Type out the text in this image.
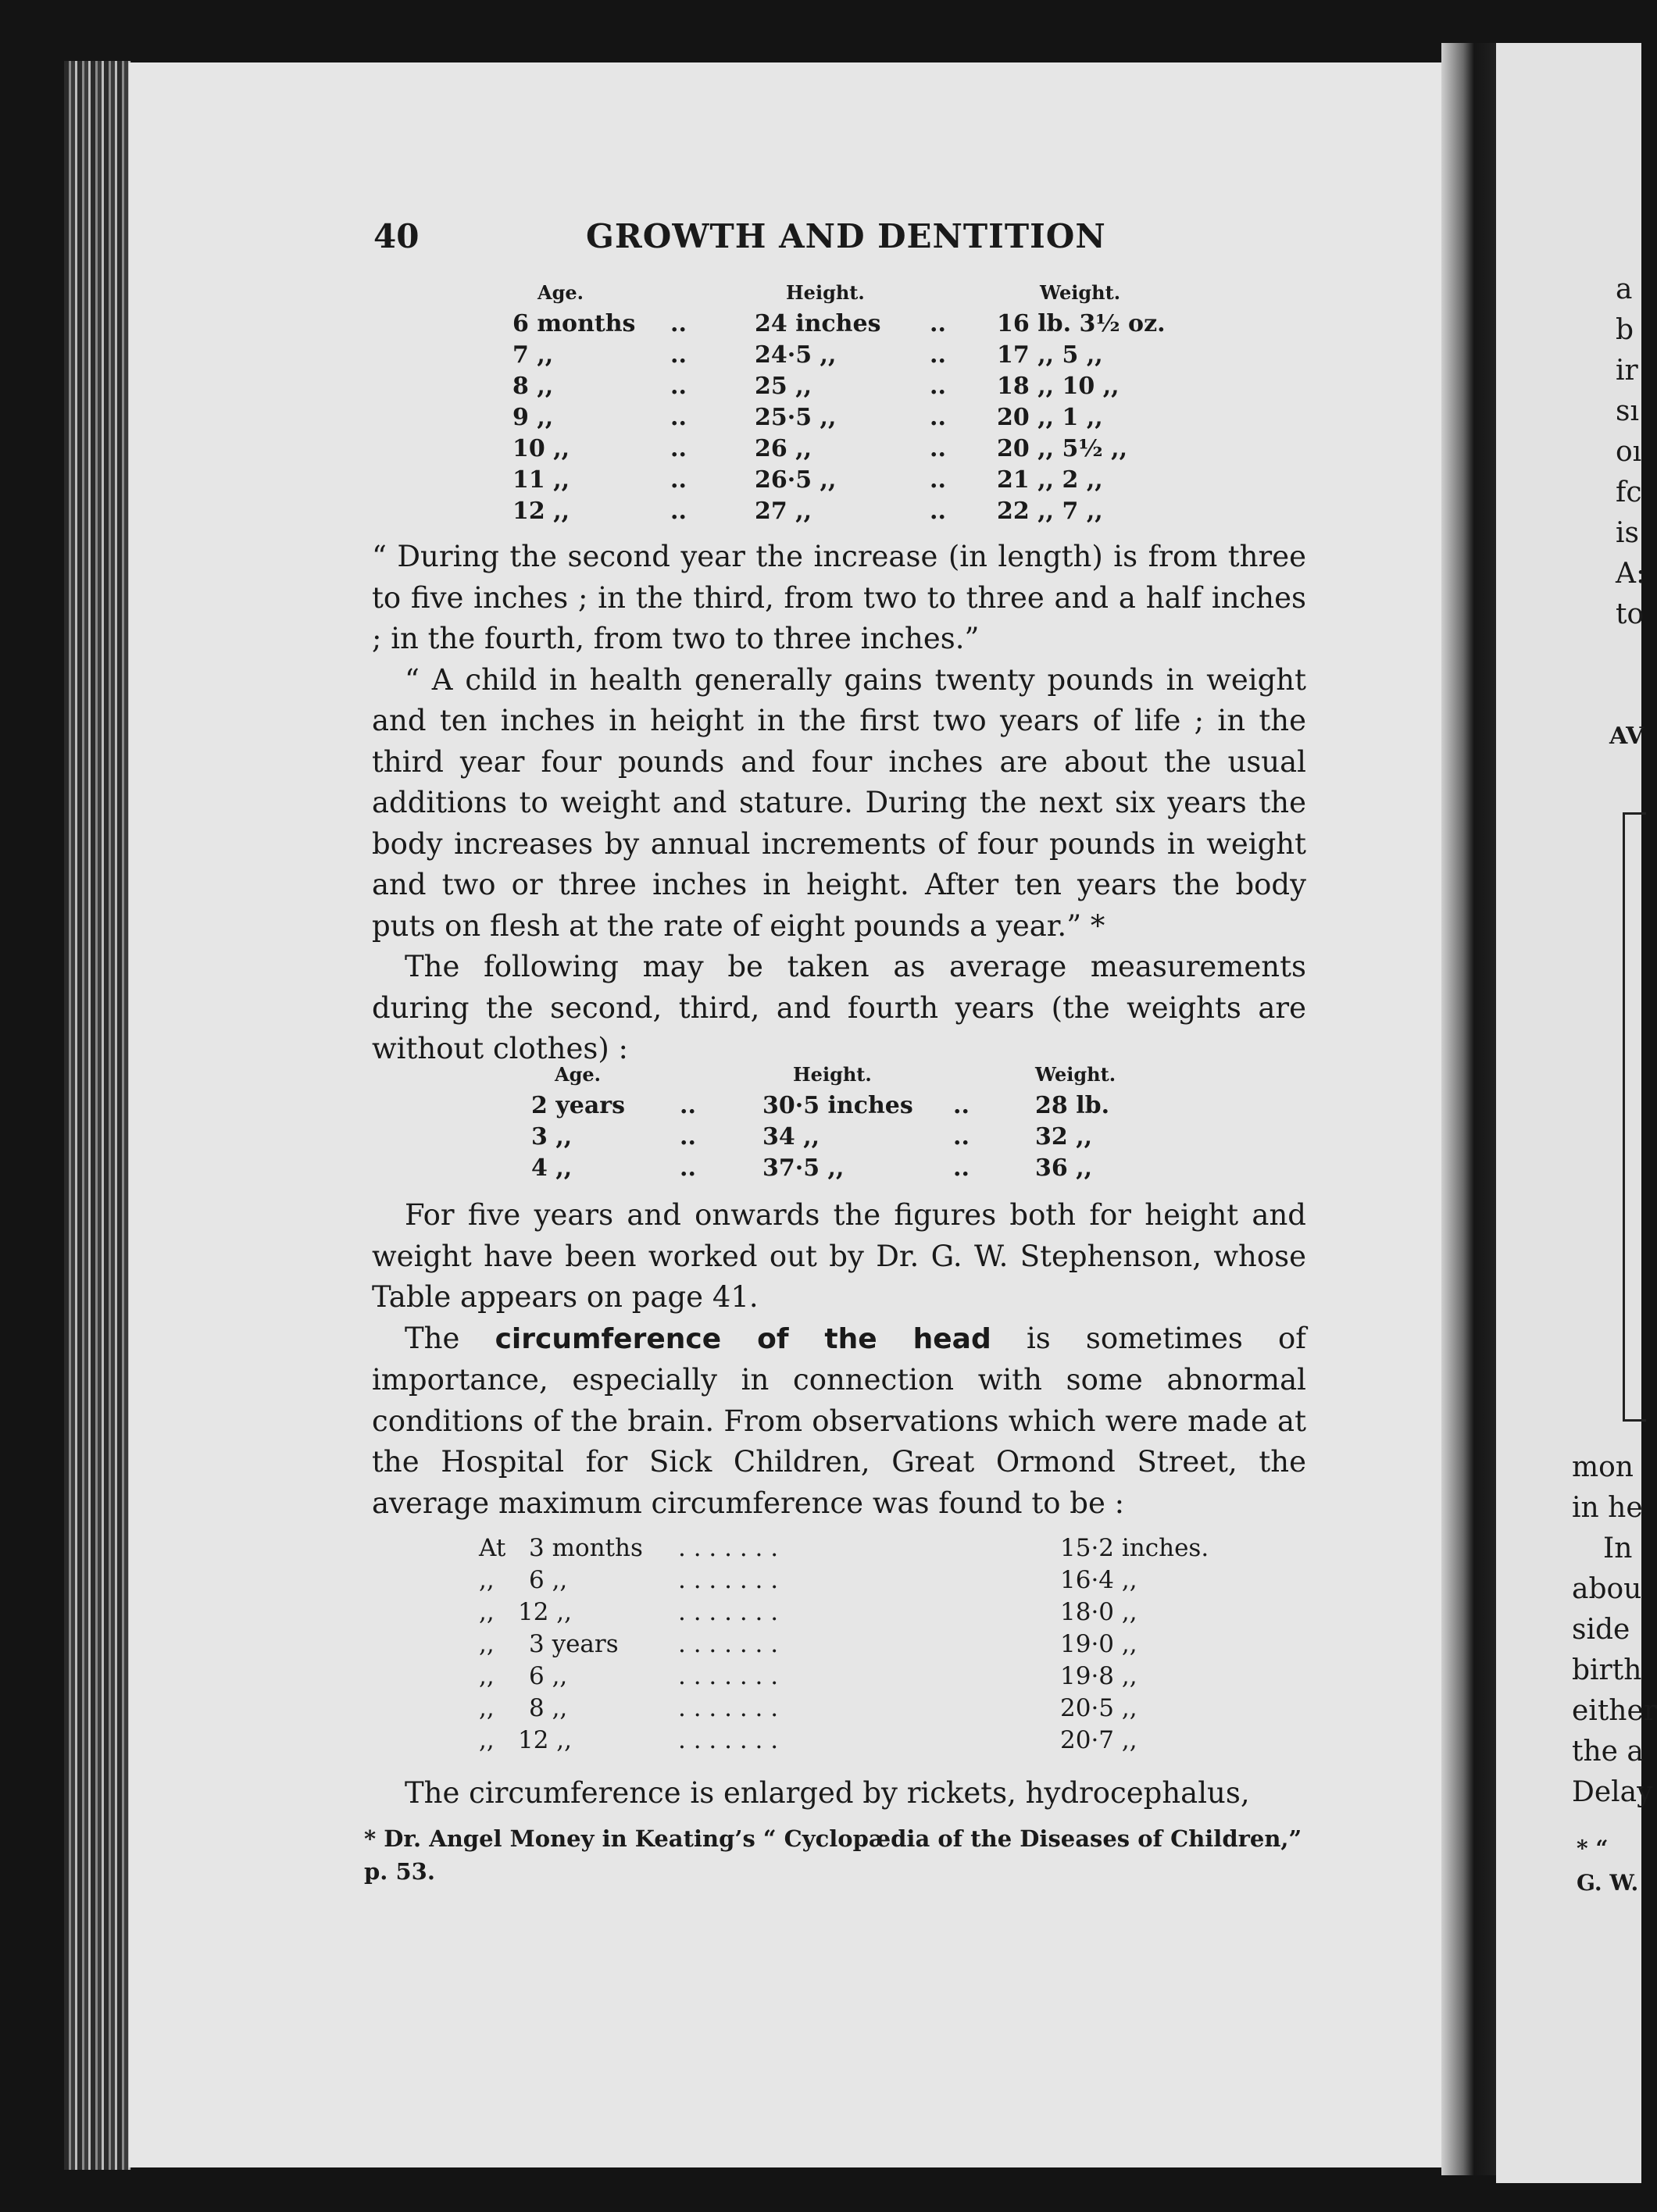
40	GROWTH AND DENTITION
Age.	Height.	Weight.
6 months ..	24 inches .. 16 lb. 3½ oz.
7 ,,	..	24·5 ,,	.. 17 ,, 5 ,,
8 ,,	..	25 ,,	.. 18 ,, 10 ,,
9 ,,	..	25·5 ,,	.. 20 ,, 1 ,,
10 ,,	..	26 ,,	.. 20 ,, 5½ ,,
11 ,,	..	26·5 ,,	.. 21 ,, 2 ,,
12 ,,	..	27 ,,	.. 22 ,, 7 ,,

“ During the second year the increase (in length) is from three to five inches ; in the third, from two to three and a half inches ; in the fourth, from two to three inches.”

“ A child in health generally gains twenty pounds in weight and ten inches in height in the first two years of life ; in the third year four pounds and four inches are about the usual additions to weight and stature. During the next six years the body increases by annual increments of four pounds in weight and two or three inches in height. After ten years the body puts on flesh at the rate of eight pounds a year.” *

The following may be taken as average measurements during the second, third, and fourth years (the weights are without clothes) :

Age.	Height.	Weight.
2 years ..	30·5 inches ..	28 lb.
3 ,,	..	34 ,,	..	32 ,,
4 ,,	..	37·5 ,,	..	36 ,,

For five years and onwards the figures both for height and weight have been worked out by Dr. G. W. Stephenson, whose Table appears on page 41.

The circumference of the head is sometimes of importance, especially in connection with some abnormal conditions of the brain. From observations which were made at the Hospital for Sick Children, Great Ormond Street, the average maximum circumference was found to be :

At 3 months . . . . . . .	15·2 inches.
,, 6 ,,	. . . . . . .	16·4 ,,
,, 12 ,,	. . . . . . .	18·0 ,,
,, 3 years . . . . . . .	19·0 ,,
,, 6 ,,	. . . . . . .	19·8 ,,
,, 8 ,,	. . . . . . .	20·5 ,,
,, 12 ,,	. . . . . . .	20·7 ,,

The circumference is enlarged by rickets, hydrocephalus,

* Dr. Angel Money in Keating’s “ Cyclopædia of the Diseases of Children,” p. 53.
a
b
ir
sı
oı
fc
is
A:
to
AV
mon
in he
In
abou
side
birth
either
the a
Delay
* “
G. W.
